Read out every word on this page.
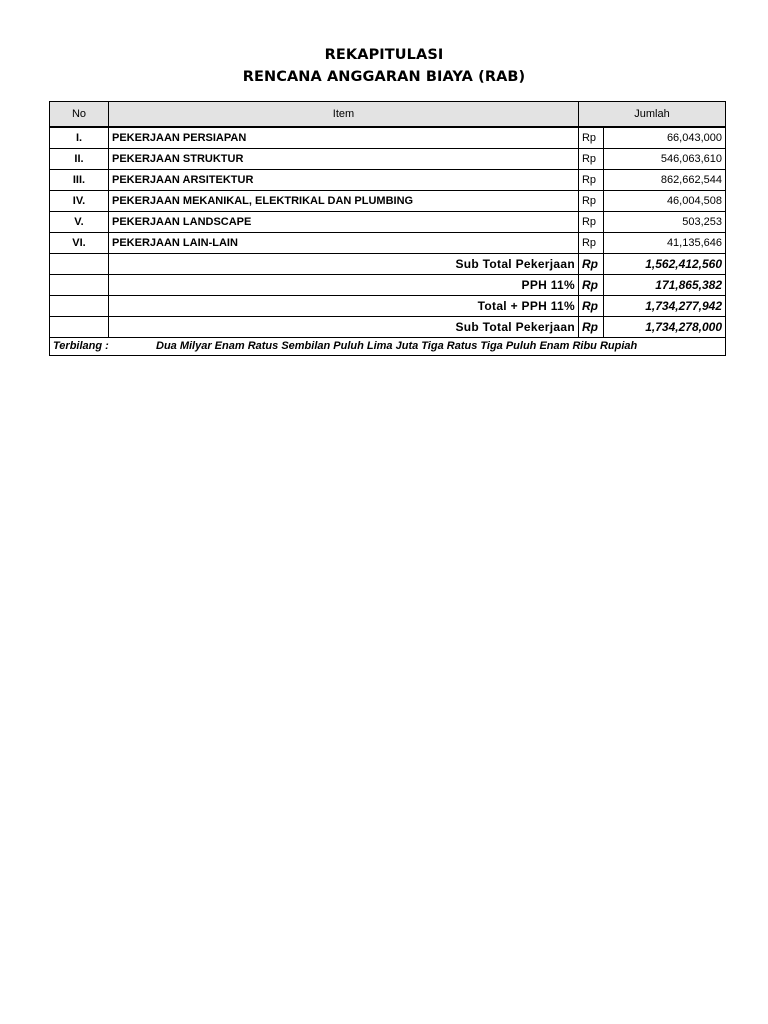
REKAPITULASI
RENCANA ANGGARAN BIAYA (RAB)
No	Item	Jumlah	
I.	PEKERJAAN PERSIAPAN	Rp	66,043,000
II.	PEKERJAAN STRUKTUR	Rp	546,063,610
III.	PEKERJAAN ARSITEKTUR	Rp	862,662,544
IV.	PEKERJAAN MEKANIKAL, ELEKTRIKAL DAN PLUMBING	Rp	46,004,508
V.	PEKERJAAN LANDSCAPE	Rp	503,253
VI.	PEKERJAAN LAIN-LAIN	Rp	41,135,646
	Sub Total Pekerjaan	Rp	1,562,412,560
	PPH 11%	Rp	171,865,382
	Total + PPH 11%	Rp	1,734,277,942
	Sub Total Pekerjaan	Rp	1,734,278,000
Terbilang : Dua Milyar Enam Ratus Sembilan Puluh Lima Juta Tiga Ratus Tiga Puluh Enam Ribu Rupiah			
